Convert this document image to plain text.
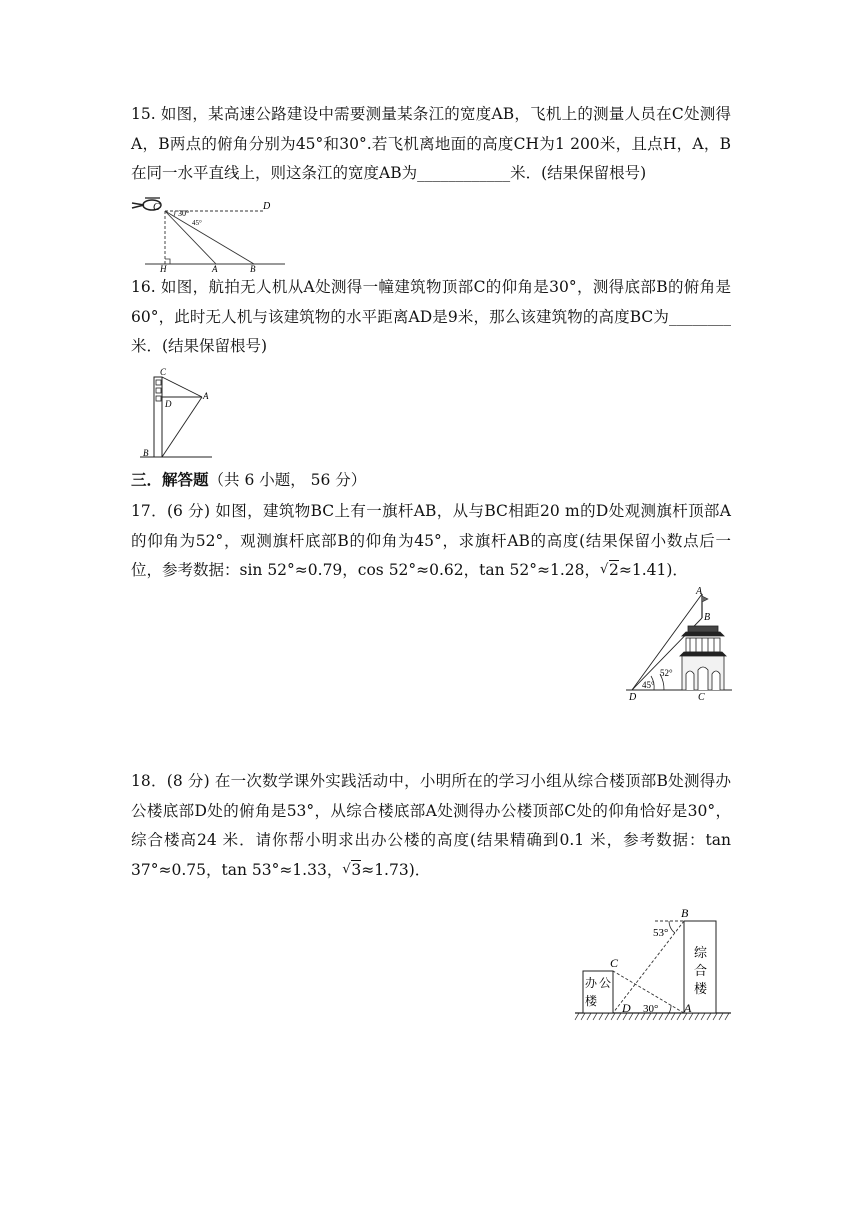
15. 如图，某高速公路建设中需要测量某条江的宽度AB，飞机上的测量人员在C处测得A，B两点的俯角分别为45°和30°.若飞机离地面的高度CH为1 200米，且点H，A，B在同一水平直线上，则这条江的宽度AB为____________米．(结果保留根号)
C	D
H	A	B
30°
45°
16. 如图，航拍无人机从A处测得一幢建筑物顶部C的仰角是30°，测得底部B的俯角是60°，此时无人机与该建筑物的水平距离AD是9米，那么该建筑物的高度BC为________米．(结果保留根号)
C
D
A
B
三．解答题（共 6 小题， 56 分）
17．(6 分) 如图，建筑物BC上有一旗杆AB，从与BC相距20 m的D处观测旗杆顶部A的仰角为52°，观测旗杆底部B的仰角为45°，求旗杆AB的高度(结果保留小数点后一位，参考数据：sin 52°≈0.79，cos 52°≈0.62，tan 52°≈1.28， √ 2≈1.41)．
A
B
D	C
52°
45°
18．(8 分) 在一次数学课外实践活动中，小明所在的学习小组从综合楼顶部B处测得办公楼底部D处的俯角是53°，从综合楼底部A处测得办公楼顶部C处的仰角恰好是30°，综合楼高24 米．请你帮小明求出办公楼的高度(结果精确到0.1 米，参考数据：tan 37°≈0.75，tan 53°≈1.33， √ 3≈1.73)．
B
53°
C
办公
楼
综
合
楼
D 30° A
